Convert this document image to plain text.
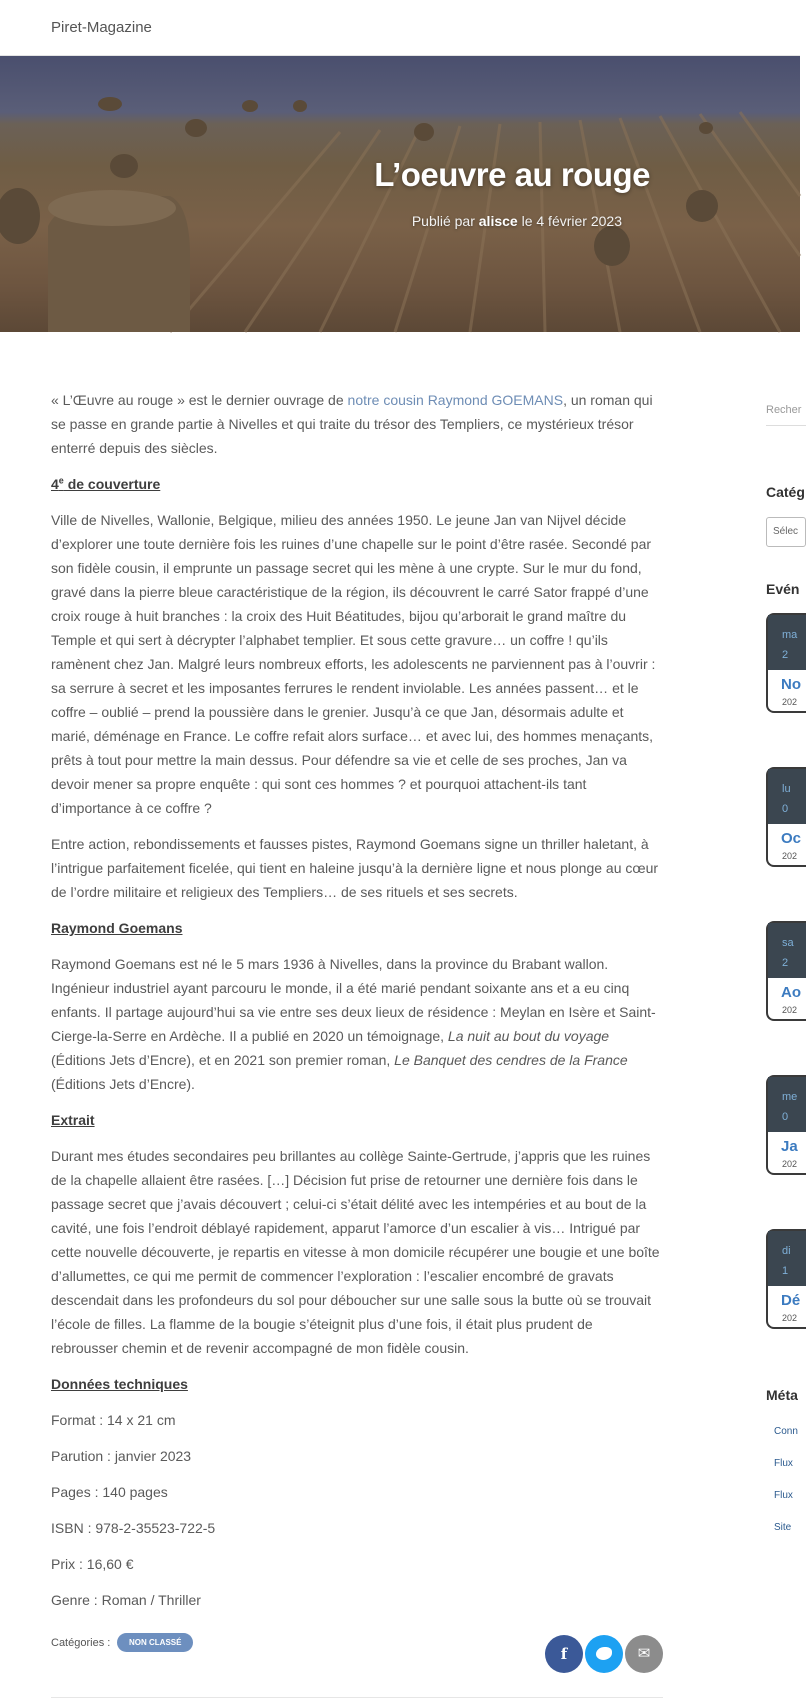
Piret-Magazine
L’oeuvre au rouge
Publié par alisce le 4 février 2023

« L’Œuvre au rouge » est le dernier ouvrage de notre cousin Raymond GOEMANS, un roman qui se passe en grande partie à Nivelles et qui traite du trésor des Templiers, ce mystérieux trésor enterré depuis des siècles.

4e de couverture

Ville de Nivelles, Wallonie, Belgique, milieu des années 1950. Le jeune Jan van Nijvel décide d’explorer une toute dernière fois les ruines d’une chapelle sur le point d’être rasée. Secondé par son fidèle cousin, il emprunte un passage secret qui les mène à une crypte. Sur le mur du fond, gravé dans la pierre bleue caractéristique de la région, ils découvrent le carré Sator frappé d’une croix rouge à huit branches : la croix des Huit Béatitudes, bijou qu’arborait le grand maître du Temple et qui sert à décrypter l’alphabet templier. Et sous cette gravure… un coffre ! qu’ils ramènent chez Jan. Malgré leurs nombreux efforts, les adolescents ne parviennent pas à l’ouvrir : sa serrure à secret et les imposantes ferrures le rendent inviolable. Les années passent… et le coffre – oublié – prend la poussière dans le grenier. Jusqu’à ce que Jan, désormais adulte et marié, déménage en France. Le coffre refait alors surface… et avec lui, des hommes menaçants, prêts à tout pour mettre la main dessus. Pour défendre sa vie et celle de ses proches, Jan va devoir mener sa propre enquête : qui sont ces hommes ? et pourquoi attachent-ils tant d’importance à ce coffre ?

Entre action, rebondissements et fausses pistes, Raymond Goemans signe un thriller haletant, à l’intrigue parfaitement ficelée, qui tient en haleine jusqu’à la dernière ligne et nous plonge au cœur de l’ordre militaire et religieux des Templiers… de ses rituels et ses secrets.

Raymond Goemans

Raymond Goemans est né le 5 mars 1936 à Nivelles, dans la province du Brabant wallon. Ingénieur industriel ayant parcouru le monde, il a été marié pendant soixante ans et a eu cinq enfants. Il partage aujourd’hui sa vie entre ses deux lieux de résidence : Meylan en Isère et Saint-Cierge-la-Serre en Ardèche. Il a publié en 2020 un témoignage, La nuit au bout du voyage (Éditions Jets d’Encre), et en 2021 son premier roman, Le Banquet des cendres de la France (Éditions Jets d’Encre).

Extrait

Durant mes études secondaires peu brillantes au collège Sainte-Gertrude, j’appris que les ruines de la chapelle allaient être rasées. […] Décision fut prise de retourner une dernière fois dans le passage secret que j’avais découvert ; celui-ci s’était délité avec les intempéries et au bout de la cavité, une fois l’endroit déblayé rapidement, apparut l’amorce d’un escalier à vis… Intrigué par cette nouvelle découverte, je repartis en vitesse à mon domicile récupérer une bougie et une boîte d’allumettes, ce qui me permit de commencer l’exploration : l’escalier encombré de gravats descendait dans les profondeurs du sol pour déboucher sur une salle sous la butte où se trouvait l’école de filles. La flamme de la bougie s’éteignit plus d’une fois, il était plus prudent de rebrousser chemin et de revenir accompagné de mon fidèle cousin.

Données techniques
Format : 14 x 21 cm
Parution : janvier 2023
Pages : 140 pages
ISBN : 978-2-35523-722-5
Prix : 16,60 €
Genre : Roman / Thriller
Catégories :	NON CLASSÉ
f	✉
Recher
Catég
Sélec
Evén
ma
2
No
202
lu
0
Oc
202
sa
2
Ao
202
me
0
Ja
202
di
1
Dé
202
Méta
Conn
Flux
Flux
Site
